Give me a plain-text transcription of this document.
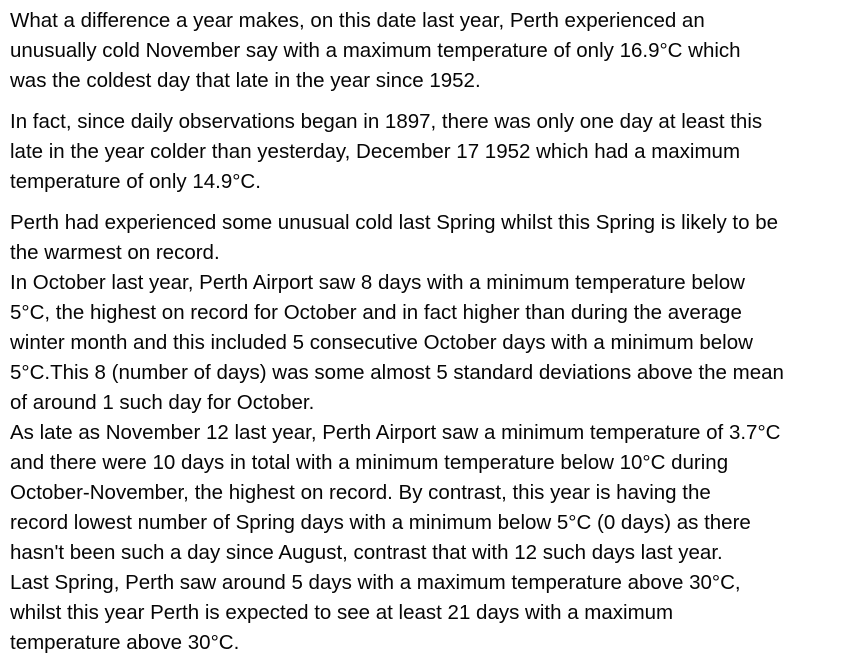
What a difference a year makes, on this date last year, Perth experienced an
unusually cold November say with a maximum temperature of only 16.9°C which
was the coldest day that late in the year since 1952.

In fact, since daily observations began in 1897, there was only one day at least this
late in the year colder than yesterday, December 17 1952 which had a maximum
temperature of only 14.9°C.

Perth had experienced some unusual cold last Spring whilst this Spring is likely to be
the warmest on record.
In October last year, Perth Airport saw 8 days with a minimum temperature below
5°C, the highest on record for October and in fact higher than during the average
winter month and this included 5 consecutive October days with a minimum below
5°C.This 8 (number of days) was some almost 5 standard deviations above the mean
of around 1 such day for October.
As late as November 12 last year, Perth Airport saw a minimum temperature of 3.7°C
and there were 10 days in total with a minimum temperature below 10°C during
October-November, the highest on record. By contrast, this year is having the
record lowest number of Spring days with a minimum below 5°C (0 days) as there
hasn't been such a day since August, contrast that with 12 such days last year.
Last Spring, Perth saw around 5 days with a maximum temperature above 30°C,
whilst this year Perth is expected to see at least 21 days with a maximum
temperature above 30°C.
